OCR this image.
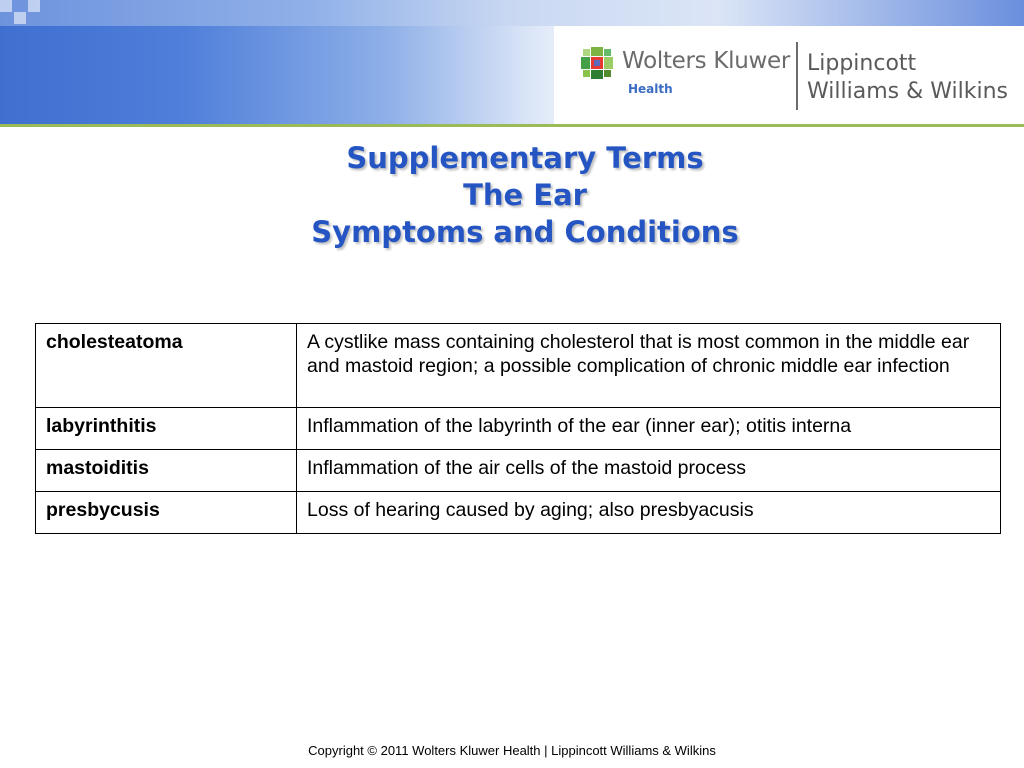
Wolters Kluwer
Health
Lippincott
Williams & Wilkins
Supplementary Terms
The Ear
Symptoms and Conditions
cholesteatoma	A cystlike mass containing cholesterol that is most common in the middle ear and mastoid region; a possible complication of chronic middle ear infection
labyrinthitis	Inflammation of the labyrinth of the ear (inner ear); otitis interna
mastoiditis	Inflammation of the air cells of the mastoid process
presbycusis	Loss of hearing caused by aging; also presbyacusis
Copyright © 2011 Wolters Kluwer Health | Lippincott Williams & Wilkins
